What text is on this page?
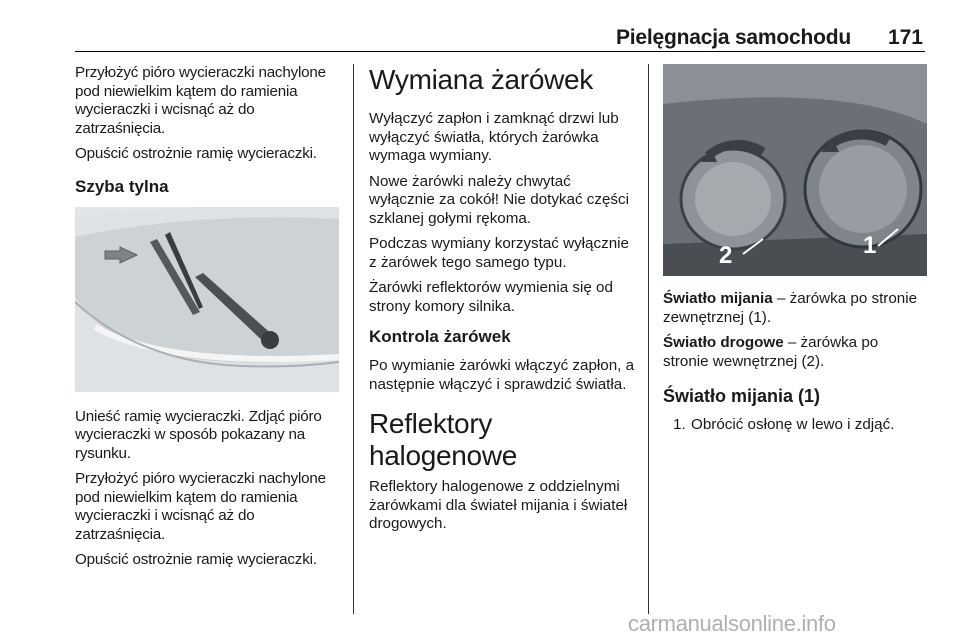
Pielęgnacja samochodu 171

Przyłożyć pióro wycieraczki nachylone pod niewielkim kątem do ramienia wycieraczki i wcisnąć aż do zatrzaśnięcia.

Opuścić ostrożnie ramię wycieraczki.

Szyba tylna

Unieść ramię wycieraczki. Zdjąć pióro wycieraczki w sposób pokazany na rysunku.

Przyłożyć pióro wycieraczki nachylone pod niewielkim kątem do ramienia wycieraczki i wcisnąć aż do zatrzaśnięcia.

Opuścić ostrożnie ramię wycieraczki.

Wymiana żarówek

Wyłączyć zapłon i zamknąć drzwi lub wyłączyć światła, których żarówka wymaga wymiany.

Nowe żarówki należy chwytać wyłącznie za cokół! Nie dotykać części szklanej gołymi rękoma.

Podczas wymiany korzystać wyłącznie z żarówek tego samego typu.

Żarówki reflektorów wymienia się od strony komory silnika.

Kontrola żarówek

Po wymianie żarówki włączyć zapłon, a następnie włączyć i sprawdzić światła.

Reflektory halogenowe

Reflektory halogenowe z oddzielnymi żarówkami dla świateł mijania i świateł drogowych.

2	1

Światło mijania – żarówka po stronie zewnętrznej (1).

Światło drogowe – żarówka po stronie wewnętrznej (2).

Światło mijania (1)

1. Obrócić osłonę w lewo i zdjąć.

carmanualsonline.info
